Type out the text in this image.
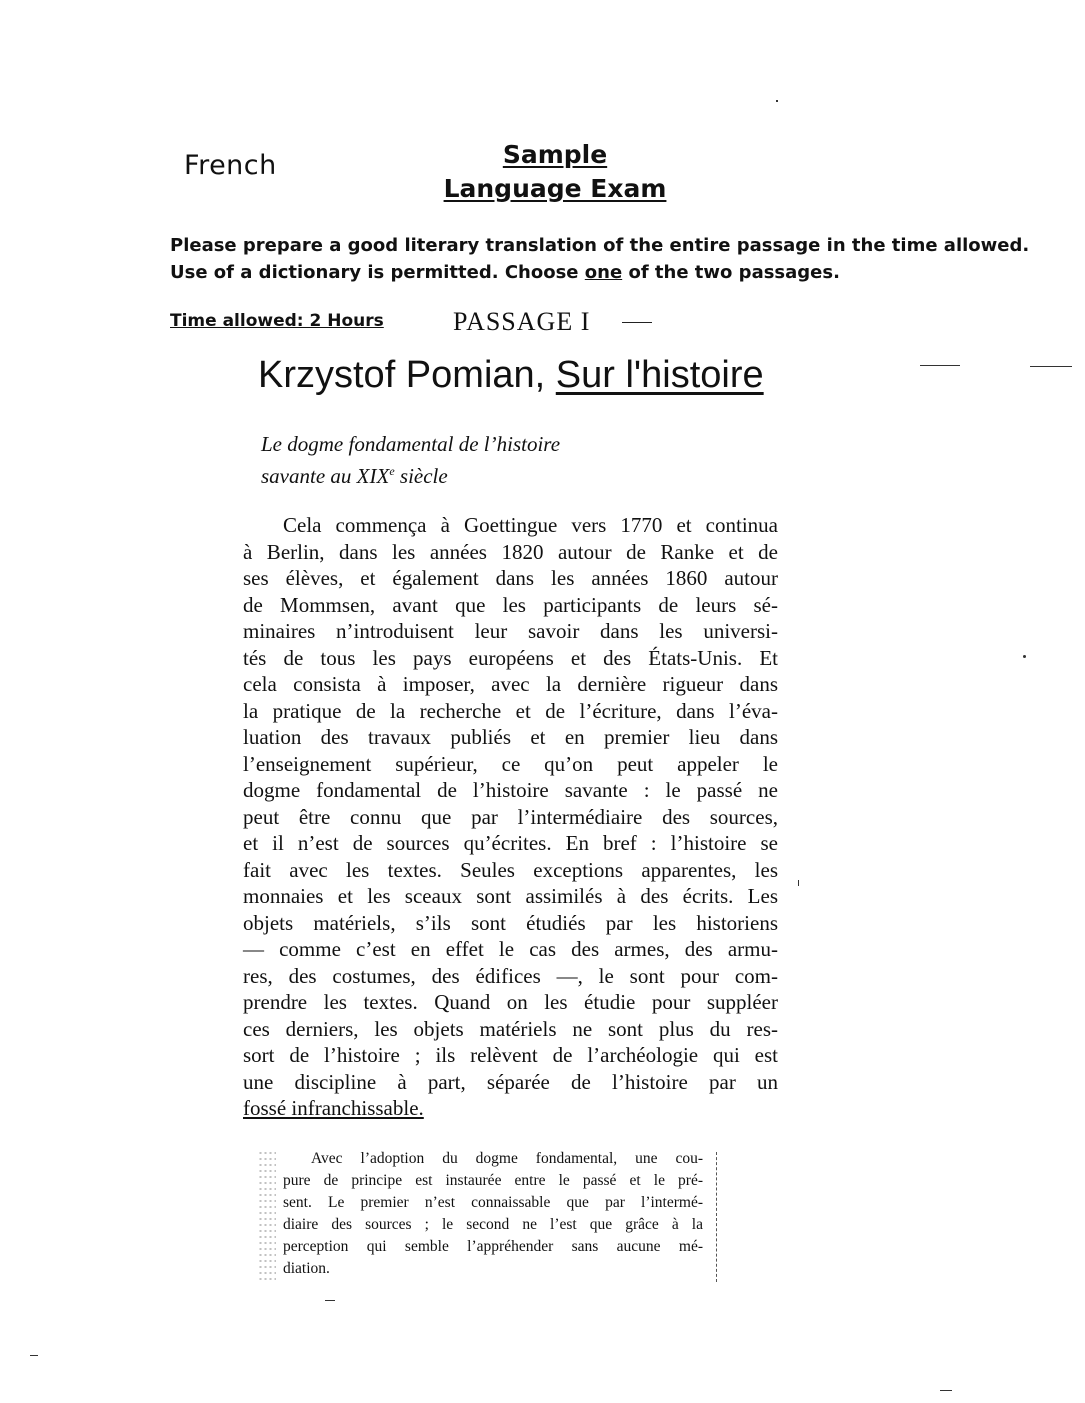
French	Sample
Language Exam
Please prepare a good literary translation of the entire passage in the time allowed.
Use of a dictionary is permitted. Choose one of the two passages.
Time allowed: 2 Hours	PASSAGE I
Krzystof Pomian, Sur l'histoire
Le dogme fondamental de l’histoire
savante au XIXe siècle
Cela commença à Goettingue vers 1770 et continua
à Berlin, dans les années 1820 autour de Ranke et de
ses élèves, et également dans les années 1860 autour
de Mommsen, avant que les participants de leurs sé-
minaires n’introduisent leur savoir dans les universi-
tés de tous les pays européens et des États-Unis. Et
cela consista à imposer, avec la dernière rigueur dans
la pratique de la recherche et de l’écriture, dans l’éva-
luation des travaux publiés et en premier lieu dans
l’enseignement supérieur, ce qu’on peut appeler le
dogme fondamental de l’histoire savante : le passé ne
peut être connu que par l’intermédiaire des sources,
et il n’est de sources qu’écrites. En bref : l’histoire se
fait avec les textes. Seules exceptions apparentes, les
monnaies et les sceaux sont assimilés à des écrits. Les
objets matériels, s’ils sont étudiés par les historiens
— comme c’est en effet le cas des armes, des armu-
res, des costumes, des édifices —, le sont pour com-
prendre les textes. Quand on les étudie pour suppléer
ces derniers, les objets matériels ne sont plus du res-
sort de l’histoire ; ils relèvent de l’archéologie qui est
une discipline à part, séparée de l’histoire par un
fossé infranchissable.
Avec l’adoption du dogme fondamental, une cou-
pure de principe est instaurée entre le passé et le pré-
sent. Le premier n’est connaissable que par l’intermé-
diaire des sources ; le second ne l’est que grâce à la
perception qui semble l’appréhender sans aucune mé-
diation.
